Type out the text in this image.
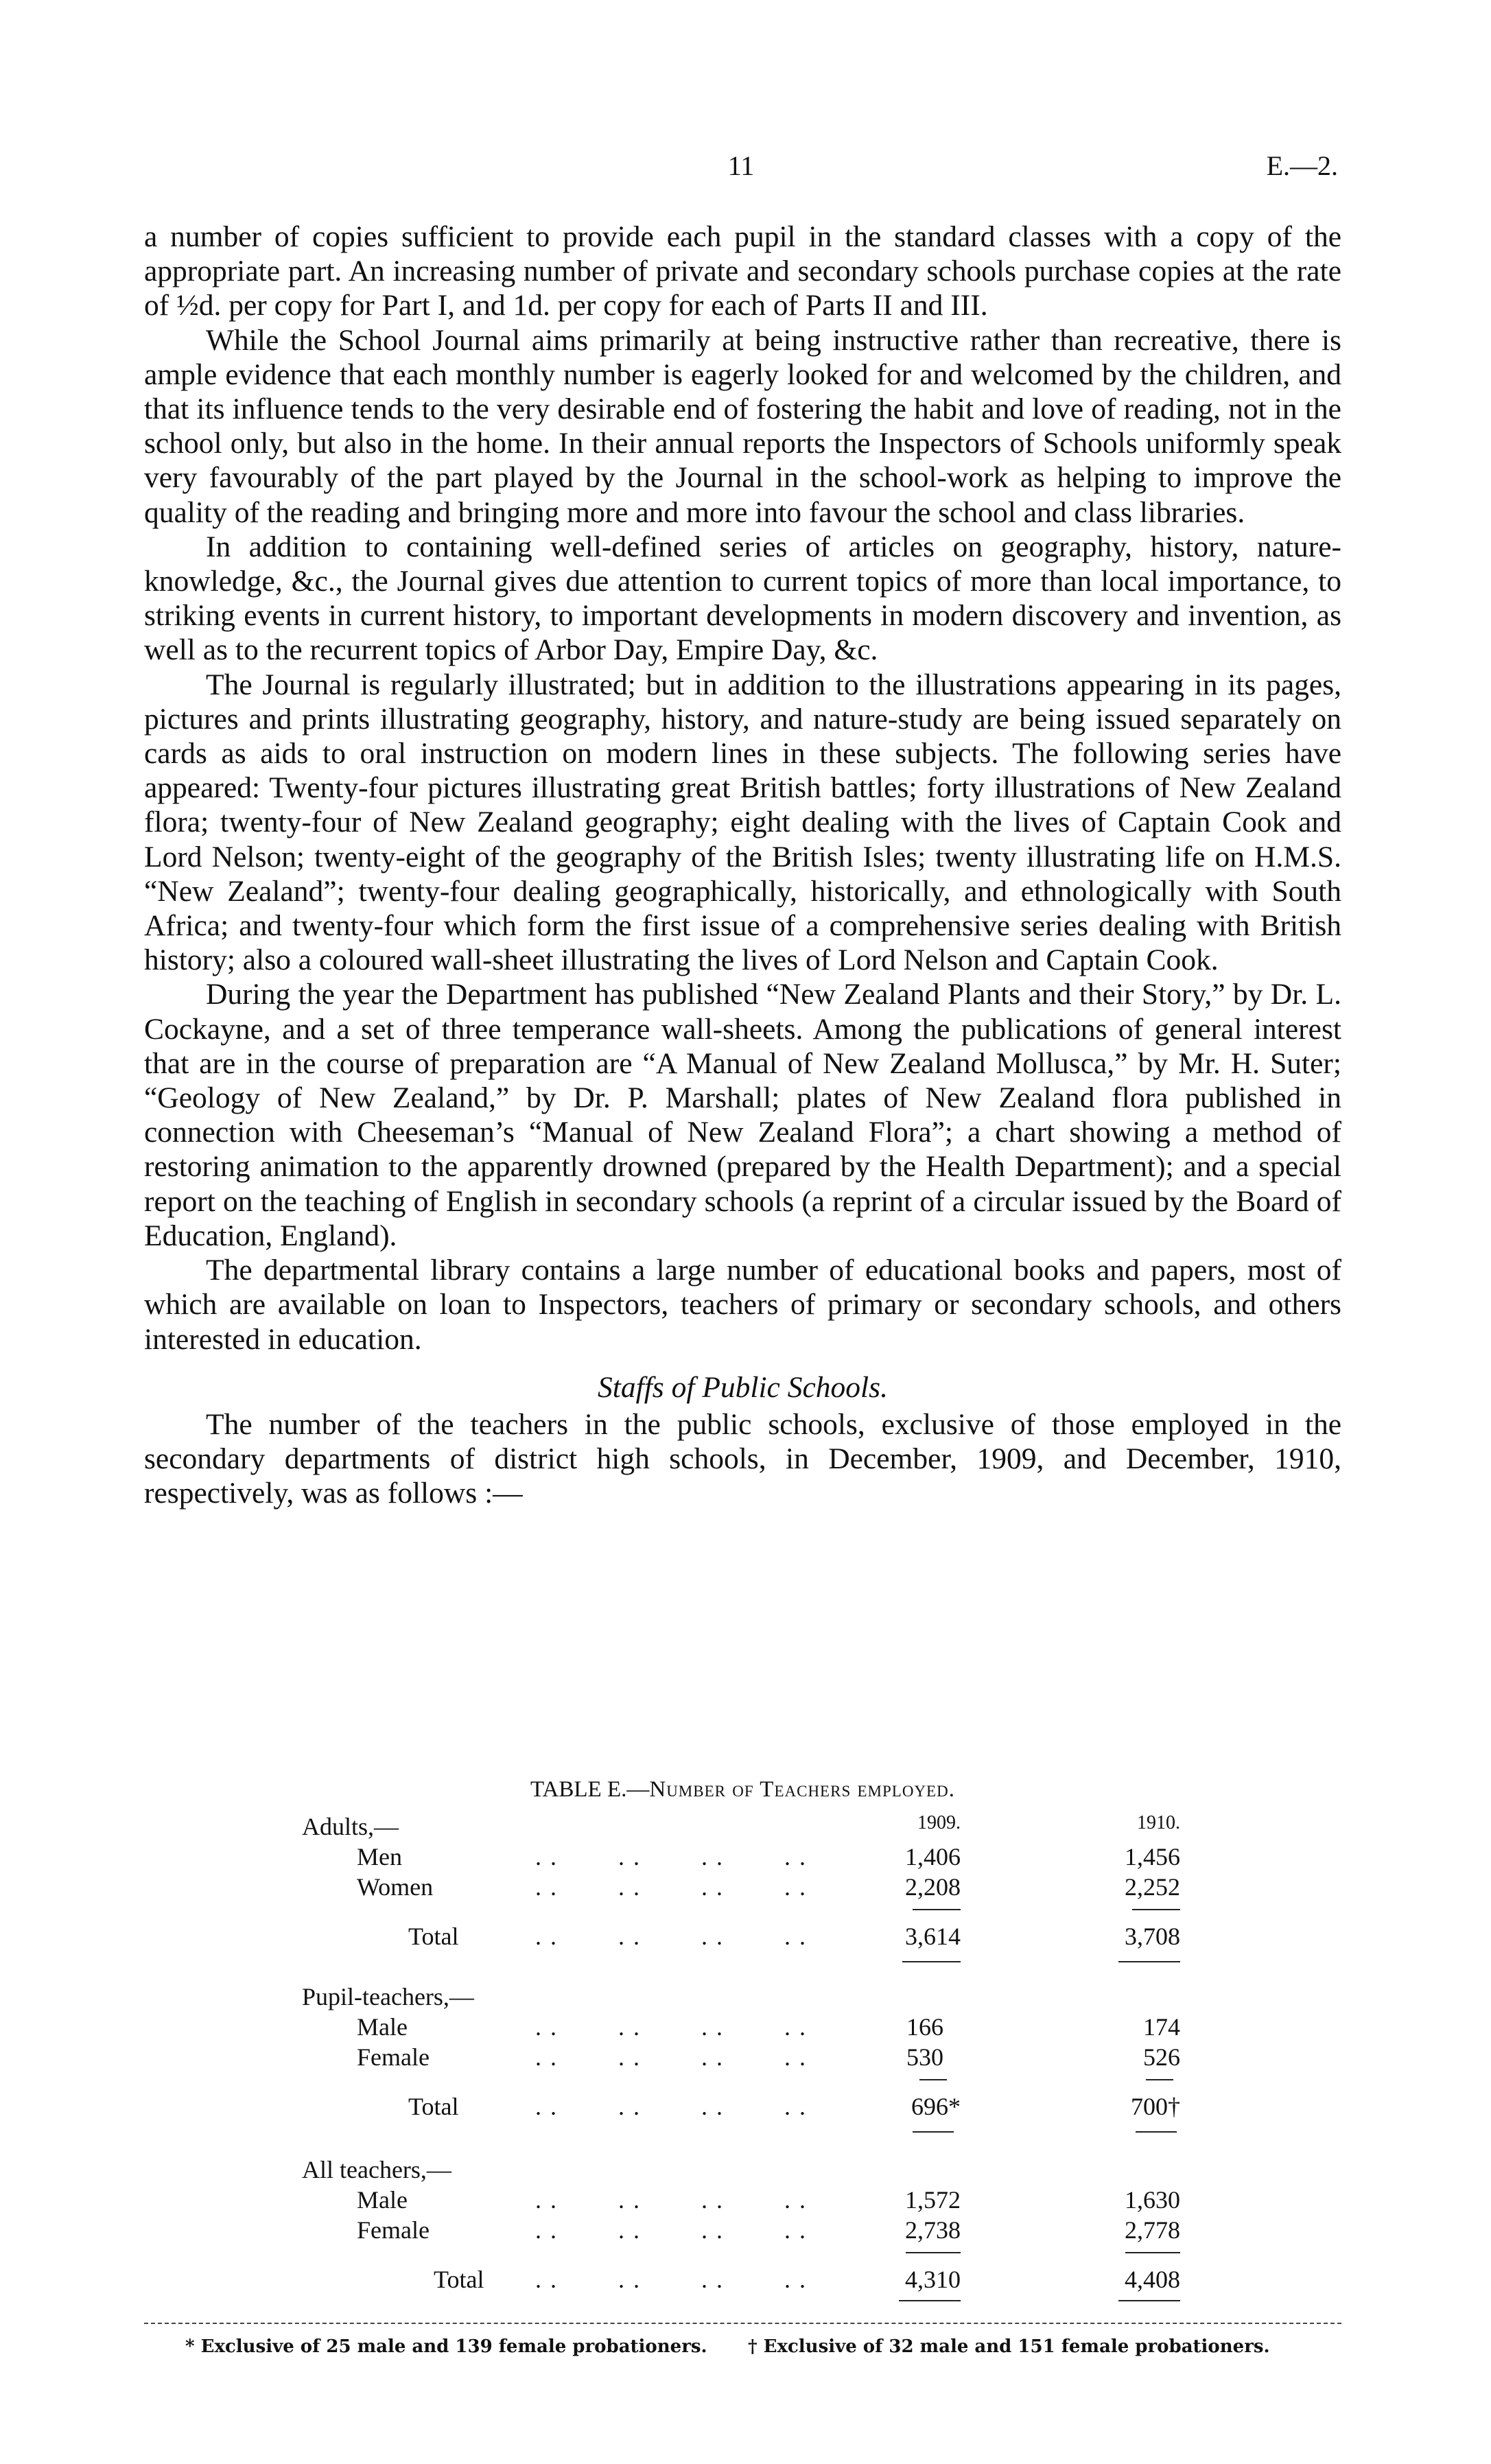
11	E.—2.

a number of copies sufficient to provide each pupil in the standard classes with a copy of the appropriate part. An increasing number of private and secondary schools purchase copies at the rate of ½d. per copy for Part I, and 1d. per copy for each of Parts II and III.

While the School Journal aims primarily at being instructive rather than recreative, there is ample evidence that each monthly number is eagerly looked for and welcomed by the children, and that its influence tends to the very desirable end of fostering the habit and love of reading, not in the school only, but also in the home. In their annual reports the Inspectors of Schools uniformly speak very favourably of the part played by the Journal in the school-work as helping to improve the quality of the reading and bringing more and more into favour the school and class libraries.

In addition to containing well-defined series of articles on geography, history, nature-knowledge, &c., the Journal gives due attention to current topics of more than local importance, to striking events in current history, to important developments in modern discovery and invention, as well as to the recurrent topics of Arbor Day, Empire Day, &c.

The Journal is regularly illustrated; but in addition to the illustrations appearing in its pages, pictures and prints illustrating geography, history, and nature-study are being issued separately on cards as aids to oral instruction on modern lines in these subjects. The following series have appeared: Twenty-four pictures illustrating great British battles; forty illustrations of New Zealand flora; twenty-four of New Zealand geography; eight dealing with the lives of Captain Cook and Lord Nelson; twenty-eight of the geography of the British Isles; twenty illustrating life on H.M.S. “New Zealand”; twenty-four dealing geographically, historically, and ethnologically with South Africa; and twenty-four which form the first issue of a comprehensive series dealing with British history; also a coloured wall-sheet illustrating the lives of Lord Nelson and Captain Cook.

During the year the Department has published “New Zealand Plants and their Story,” by Dr. L. Cockayne, and a set of three temperance wall-sheets. Among the publications of general interest that are in the course of preparation are “A Manual of New Zealand Mollusca,” by Mr. H. Suter; “Geology of New Zealand,” by Dr. P. Marshall; plates of New Zealand flora published in connection with Cheeseman’s “Manual of New Zealand Flora”; a chart showing a method of restoring animation to the apparently drowned (prepared by the Health Department); and a special report on the teaching of English in secondary schools (a reprint of a circular issued by the Board of Education, England).

The departmental library contains a large number of educational books and papers, most of which are available on loan to Inspectors, teachers of primary or secondary schools, and others interested in education.

Staffs of Public Schools.

The number of the teachers in the public schools, exclusive of those employed in the secondary departments of district high schools, in December, 1909, and December, 1910, respectively, was as follows :—

TABLE E.—Number of Teachers employed.
1909.	1910.
Adults,—
Men	. .        . .        . .        . .	1,406	1,456
Women	. .        . .        . .        . .	2,208	2,252
Total	. .        . .        . .        . .	3,614	3,708
Pupil-teachers,—
Male	. .        . .        . .        . .	166	174
Female	. .        . .        . .        . .	530	526
Total	. .        . .        . .        . .	696*	700†
All teachers,—
Male	. .        . .        . .        . .	1,572	1,630
Female	. .        . .        . .        . .	2,738	2,778
Total . .        . .        . .        . .	4,310	4,408
* Exclusive of 25 male and 139 female probationers. † Exclusive of 32 male and 151 female probationers.
